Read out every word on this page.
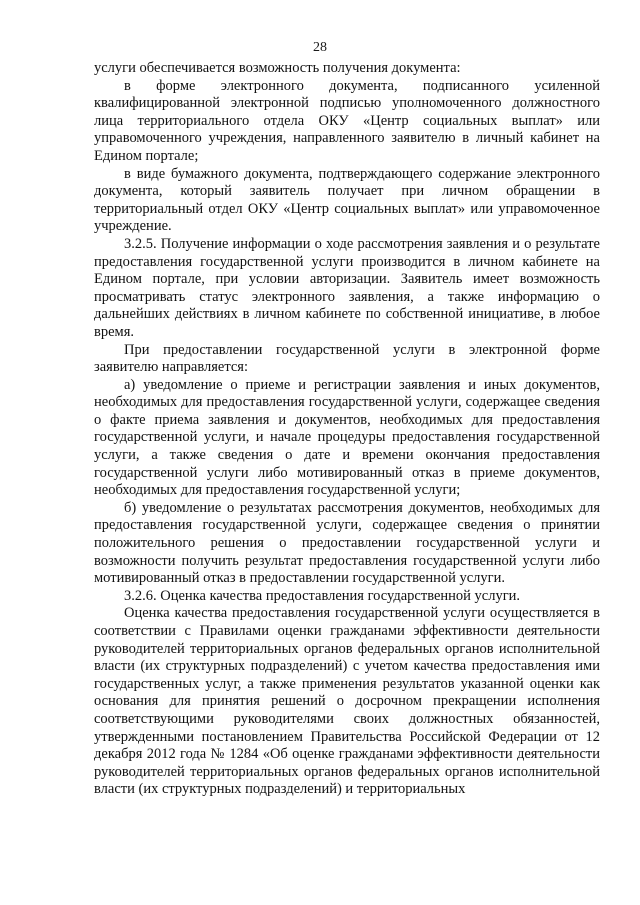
28

услуги обеспечивается возможность получения документа:

в форме электронного документа, подписанного усиленной квалифицированной электронной подписью уполномоченного должностного лица территориального отдела ОКУ «Центр социальных выплат» или управомоченного учреждения, направленного заявителю в личный кабинет на Едином портале;

в виде бумажного документа, подтверждающего содержание электронного документа, который заявитель получает при личном обращении в территориальный отдел ОКУ «Центр социальных выплат» или управомоченное учреждение.

3.2.5. Получение информации о ходе рассмотрения заявления и о результате предоставления государственной услуги производится в личном кабинете на Едином портале, при условии авторизации. Заявитель имеет возможность просматривать статус электронного заявления, а также информацию о дальнейших действиях в личном кабинете по собственной инициативе, в любое время.

При предоставлении государственной услуги в электронной форме заявителю направляется:

а) уведомление о приеме и регистрации заявления и иных документов, необходимых для предоставления государственной услуги, содержащее сведения о факте приема заявления и документов, необходимых для предоставления государственной услуги, и начале процедуры предоставления государственной услуги, а также сведения о дате и времени окончания предоставления государственной услуги либо мотивированный отказ в приеме документов, необходимых для предоставления государственной услуги;

б) уведомление о результатах рассмотрения документов, необходимых для предоставления государственной услуги, содержащее сведения о принятии положительного решения о предоставлении государственной услуги и возможности получить результат предоставления государственной услуги либо мотивированный отказ в предоставлении государственной услуги.

3.2.6. Оценка качества предоставления государственной услуги.

Оценка качества предоставления государственной услуги осуществляется в соответствии с Правилами оценки гражданами эффективности деятельности руководителей территориальных органов федеральных органов исполнительной власти (их структурных подразделений) с учетом качества предоставления ими государственных услуг, а также применения результатов указанной оценки как основания для принятия решений о досрочном прекращении исполнения соответствующими руководителями своих должностных обязанностей, утвержденными постановлением Правительства Российской Федерации от 12 декабря 2012 года № 1284 «Об оценке гражданами эффективности деятельности руководителей территориальных органов федеральных органов исполнительной власти (их структурных подразделений) и территориальных
